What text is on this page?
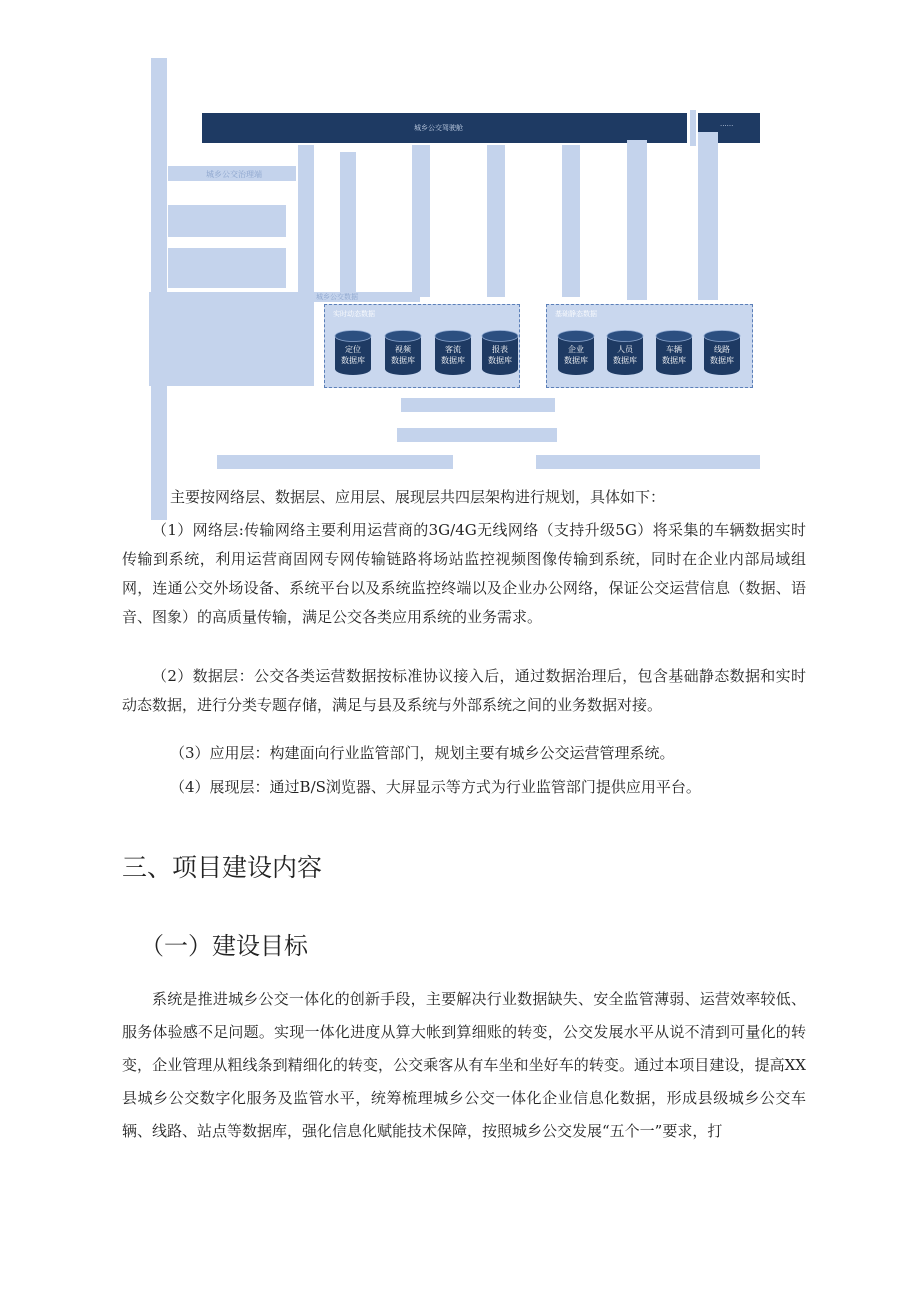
城乡公交驾驶舱	······
城乡公交治理端
城乡公交数据
实时动态数据	基础静态数据
定位
数据库
视频
数据库
客流
数据库
报表
数据库
企业
数据库
人员
数据库
车辆
数据库
线路
数据库
主要按网络层、数据层、应用层、展现层共四层架构进行规划，具体如下：
（1）网络层:传输网络主要利用运营商的3G/4G无线网络（支持升级5G）将采集的车辆数据实时传输到系统，利用运营商固网专网传输链路将场站监控视频图像传输到系统，同时在企业内部局域组网，连通公交外场设备、系统平台以及系统监控终端以及企业办公网络，保证公交运营信息（数据、语音、图象）的高质量传输，满足公交各类应用系统的业务需求。
（2）数据层：公交各类运营数据按标准协议接入后，通过数据治理后，包含基础静态数据和实时动态数据，进行分类专题存储，满足与县及系统与外部系统之间的业务数据对接。
（3）应用层：构建面向行业监管部门，规划主要有城乡公交运营管理系统。
（4）展现层：通过B/S浏览器、大屏显示等方式为行业监管部门提供应用平台。
三、项目建设内容
（一）建设目标
系统是推进城乡公交一体化的创新手段，主要解决行业数据缺失、安全监管薄弱、运营效率较低、服务体验感不足问题。实现一体化进度从算大帐到算细账的转变，公交发展水平从说不清到可量化的转变，企业管理从粗线条到精细化的转变，公交乘客从有车坐和坐好车的转变。通过本项目建设，提高XX县城乡公交数字化服务及监管水平，统筹梳理城乡公交一体化企业信息化数据，形成县级城乡公交车辆、线路、站点等数据库，强化信息化赋能技术保障，按照城乡公交发展“五个一”要求，打
